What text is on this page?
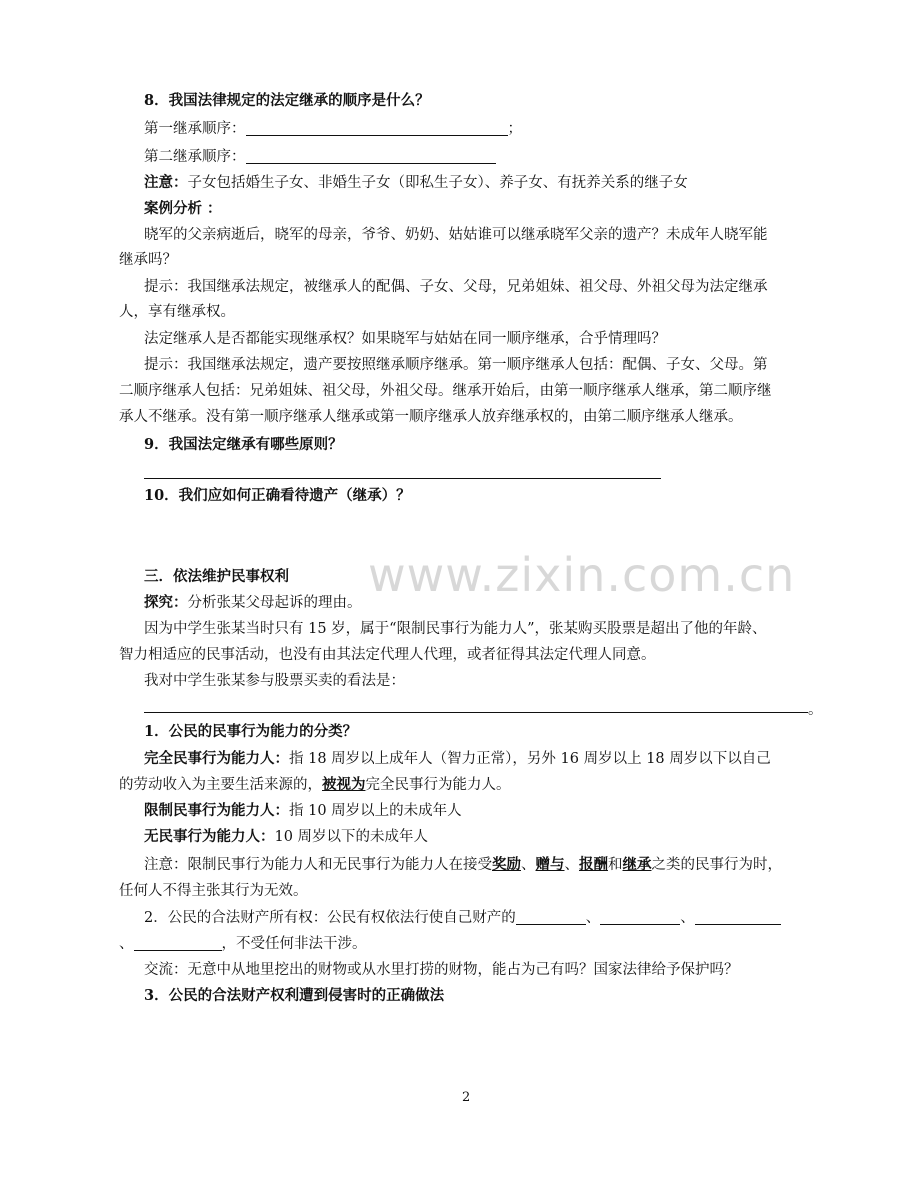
8．我国法律规定的法定继承的顺序是什么？
第一继承顺序：	；
第二继承顺序：
注意：子女包括婚生子女、非婚生子女（即私生子女）、养子女、有抚养关系的继子女
案例分析 ：
晓军的父亲病逝后，晓军的母亲，爷爷、奶奶、姑姑谁可以继承晓军父亲的遗产？未成年人晓军能
继承吗？
提示：我国继承法规定，被继承人的配偶、子女、父母，兄弟姐妹、祖父母、外祖父母为法定继承
人，享有继承权。
法定继承人是否都能实现继承权？如果晓军与姑姑在同一顺序继承，合乎情理吗？
提示：我国继承法规定，遗产要按照继承顺序继承。第一顺序继承人包括：配偶、子女、父母。第
二顺序继承人包括：兄弟姐妹、祖父母，外祖父母。继承开始后，由第一顺序继承人继承，第二顺序继
承人不继承。没有第一顺序继承人继承或第一顺序继承人放弃继承权的，由第二顺序继承人继承。
9．我国法定继承有哪些原则？
10．我们应如何正确看待遗产（继承）？
三．依法维护民事权利
探究：分析张某父母起诉的理由。
因为中学生张某当时只有 15 岁，属于“限制民事行为能力人”，张某购买股票是超出了他的年龄、
智力相适应的民事活动，也没有由其法定代理人代理，或者征得其法定代理人同意。
我对中学生张某参与股票买卖的看法是：
。
1．公民的民事行为能力的分类？
完全民事行为能力人：指 18 周岁以上成年人（智力正常），另外 16 周岁以上 18 周岁以下以自己
的劳动收入为主要生活来源的，被视为完全民事行为能力人。
限制民事行为能力人：指 10 周岁以上的未成年人
无民事行为能力人：10 周岁以下的未成年人
注意：限制民事行为能力人和无民事行为能力人在接受奖励、赠与、报酬和继承之类的民事行为时，
任何人不得主张其行为无效。
2．公民的合法财产所有权：公民有权依法行使自己财产的	、	、
、	，不受任何非法干涉。
交流：无意中从地里挖出的财物或从水里打捞的财物，能占为己有吗？国家法律给予保护吗？
3．公民的合法财产权利遭到侵害时的正确做法
www.zixin.com.cn
2
